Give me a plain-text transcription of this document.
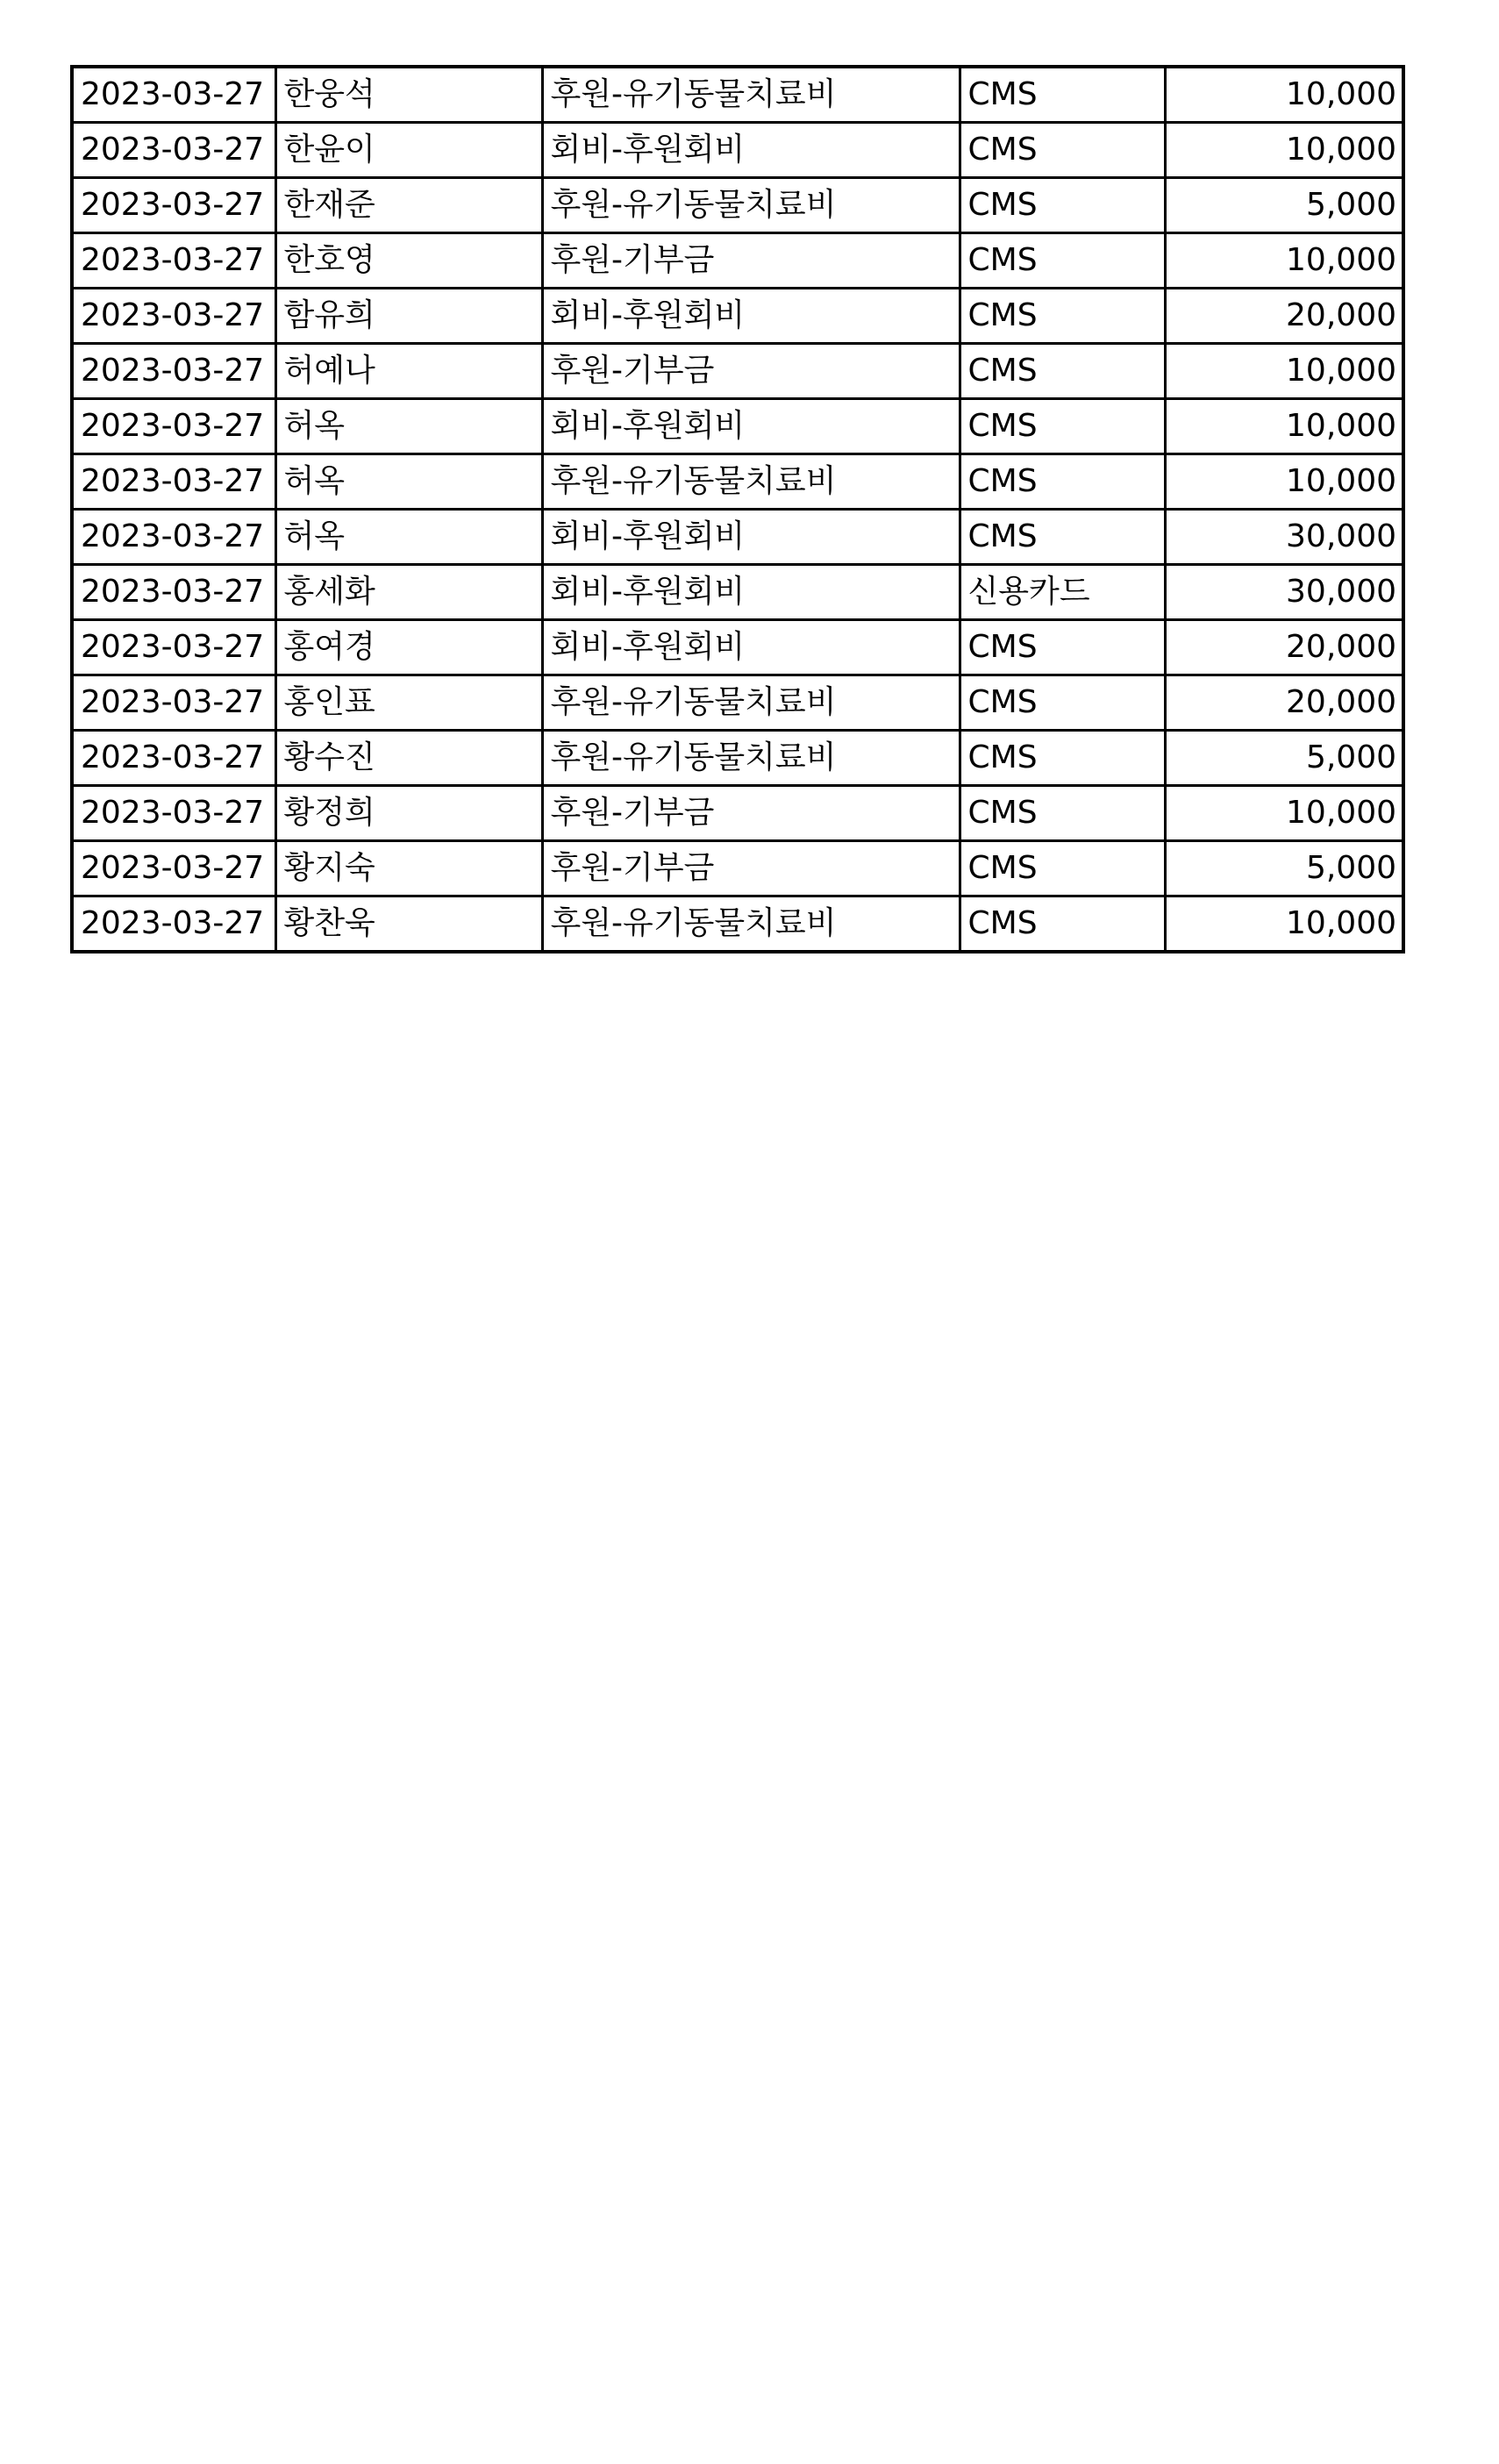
2023-03-27	한웅석	후원-유기동물치료비	CMS	10,000
2023-03-27	한윤이	회비-후원회비	CMS	10,000
2023-03-27	한재준	후원-유기동물치료비	CMS	5,000
2023-03-27	한호영	후원-기부금	CMS	10,000
2023-03-27	함유희	회비-후원회비	CMS	20,000
2023-03-27	허예나	후원-기부금	CMS	10,000
2023-03-27	허옥	회비-후원회비	CMS	10,000
2023-03-27	허옥	후원-유기동물치료비	CMS	10,000
2023-03-27	허옥	회비-후원회비	CMS	30,000
2023-03-27	홍세화	회비-후원회비	신용카드	30,000
2023-03-27	홍여경	회비-후원회비	CMS	20,000
2023-03-27	홍인표	후원-유기동물치료비	CMS	20,000
2023-03-27	황수진	후원-유기동물치료비	CMS	5,000
2023-03-27	황정희	후원-기부금	CMS	10,000
2023-03-27	황지숙	후원-기부금	CMS	5,000
2023-03-27	황찬욱	후원-유기동물치료비	CMS	10,000
